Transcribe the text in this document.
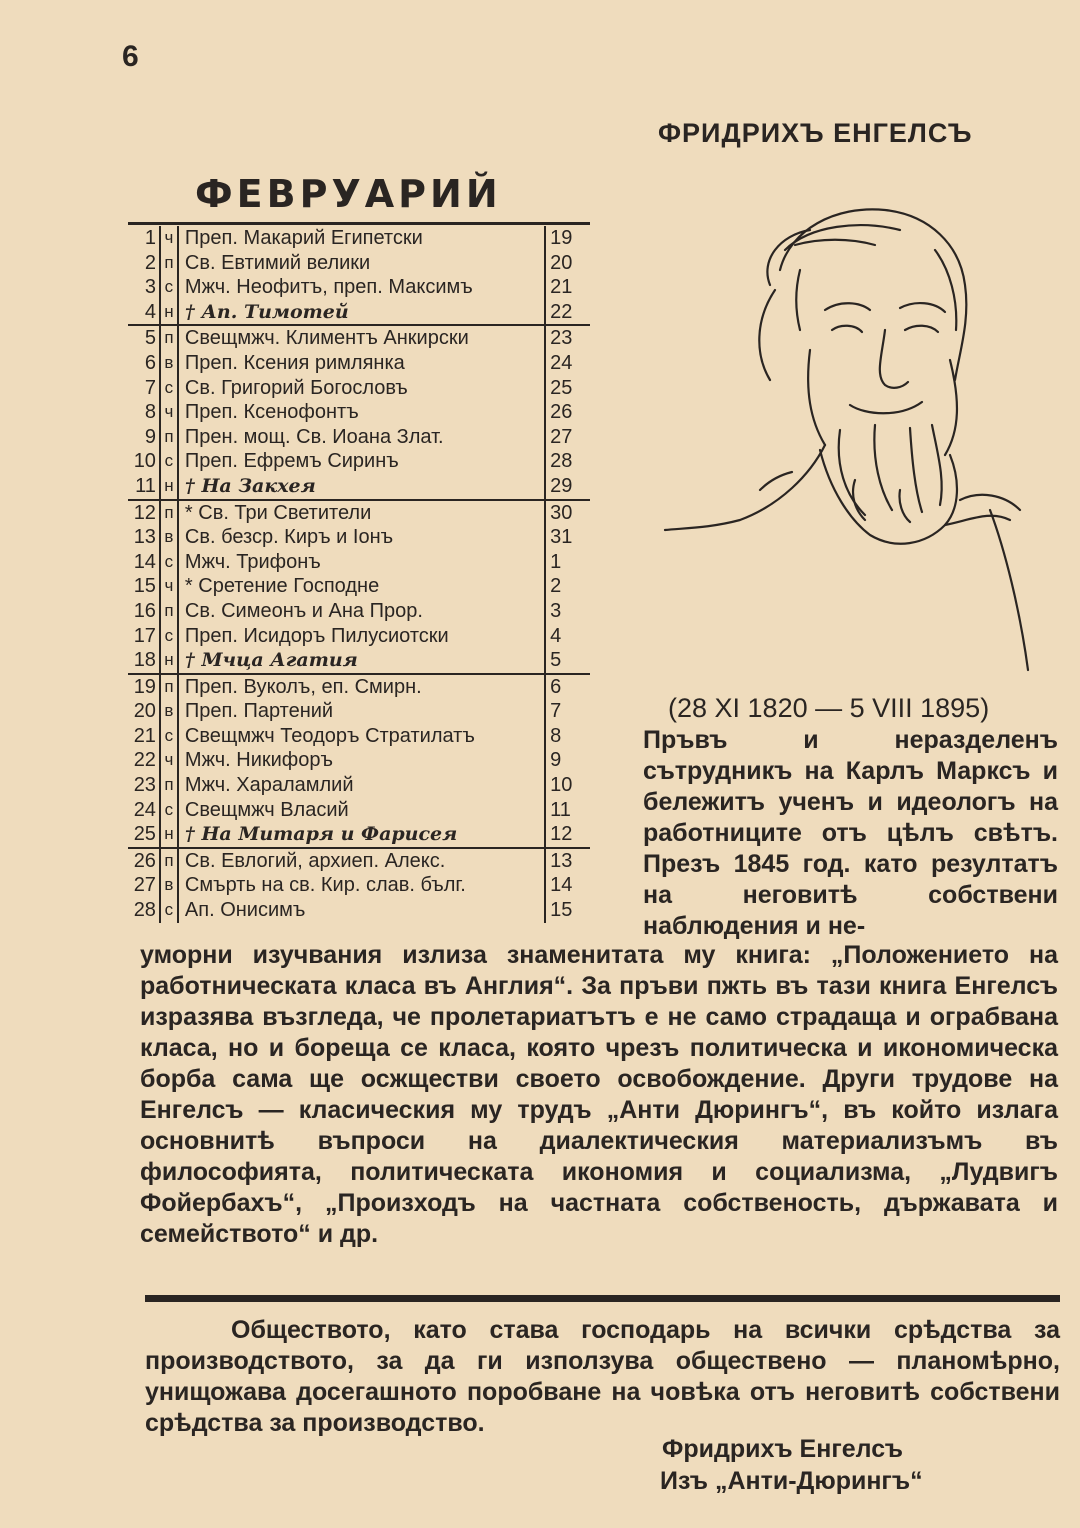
6
ФРИДРИХЪ ЕНГЕЛСЪ
ФЕВРУАРИЙ
1 ч Преп. Макарий Египетски	19
2 п Св. Евтимий велики	20
3 с Мжч. Неофитъ, преп. Максимъ	21
4 н † Ап. Тимотей	22
5 п Свещмжч. Климентъ Анкирски	23
6 в Преп. Ксения римлянка	24
7 с Св. Григорий Богословъ	25
8 ч Преп. Ксенофонтъ	26
9 п Прен. мощ. Св. Иоана Злат.	27
10 с Преп. Ефремъ Сиринъ	28
11 н † На Закхея	29
12 п * Св. Три Светители	30
13 в Св. безср. Киръ и Іонъ	31
14 с Мжч. Трифонъ	1
15 ч * Сретение Господне	2
16 п Св. Симеонъ и Ана Прор.	3
17 с Преп. Исидоръ Пилусиотски	4
18 н † Мчца Агатия	5
19 п Преп. Вуколъ, еп. Смирн.	6
20 в Преп. Партений	7
21 с Свещмжч Теодоръ Стратилатъ	8
22 ч Мжч. Никифоръ	9
23 п Мжч. Хараламлий	10
24 с Свещмжч Власий	11
25 н † На Митаря и Фарисея	12
26 п Св. Евлогий, архиеп. Алекс.	13
27 в Смърть на св. Кир. слав. бълг.	14
28 с Ап. Онисимъ	15
(28 XI 1820 — 5 VIII 1895)
Пръвъ и неразделенъ сътрудникъ на Карлъ Марксъ и бележитъ ученъ и идеологъ на работниците отъ цѣлъ свѣтъ. Презъ 1845 год. като резултатъ на неговитѣ собствени наблюдения и не-
уморни изучвания излиза знаменитата му книга: „Положението на работническата класа въ Англия“. За пръви пжть въ тази книга Енгелсъ изразява възгледа, че пролетариатътъ е не само страдаща и ограбвана класа, но и бореща се класа, която чрезъ политическа и икономическа борба сама ще осжществи своето освобождение. Други трудове на Енгелсъ — класическия му трудъ „Анти Дюрингъ“, въ който излага основнитѣ въпроси на диалектическия материализъмъ въ философията, политическата икономия и социализма, „Лудвигъ Фойербахъ“, „Произходъ на частната собственость, държавата и семейството“ и др.
Обществото, като става господарь на всички срѣдства за производството, за да ги използува обществено — планомѣрно, унищожава досегашното поробване на човѣка отъ неговитѣ собствени срѣдства за производство.
Фридрихъ Енгелсъ
Изъ „Анти-Дюрингъ“
